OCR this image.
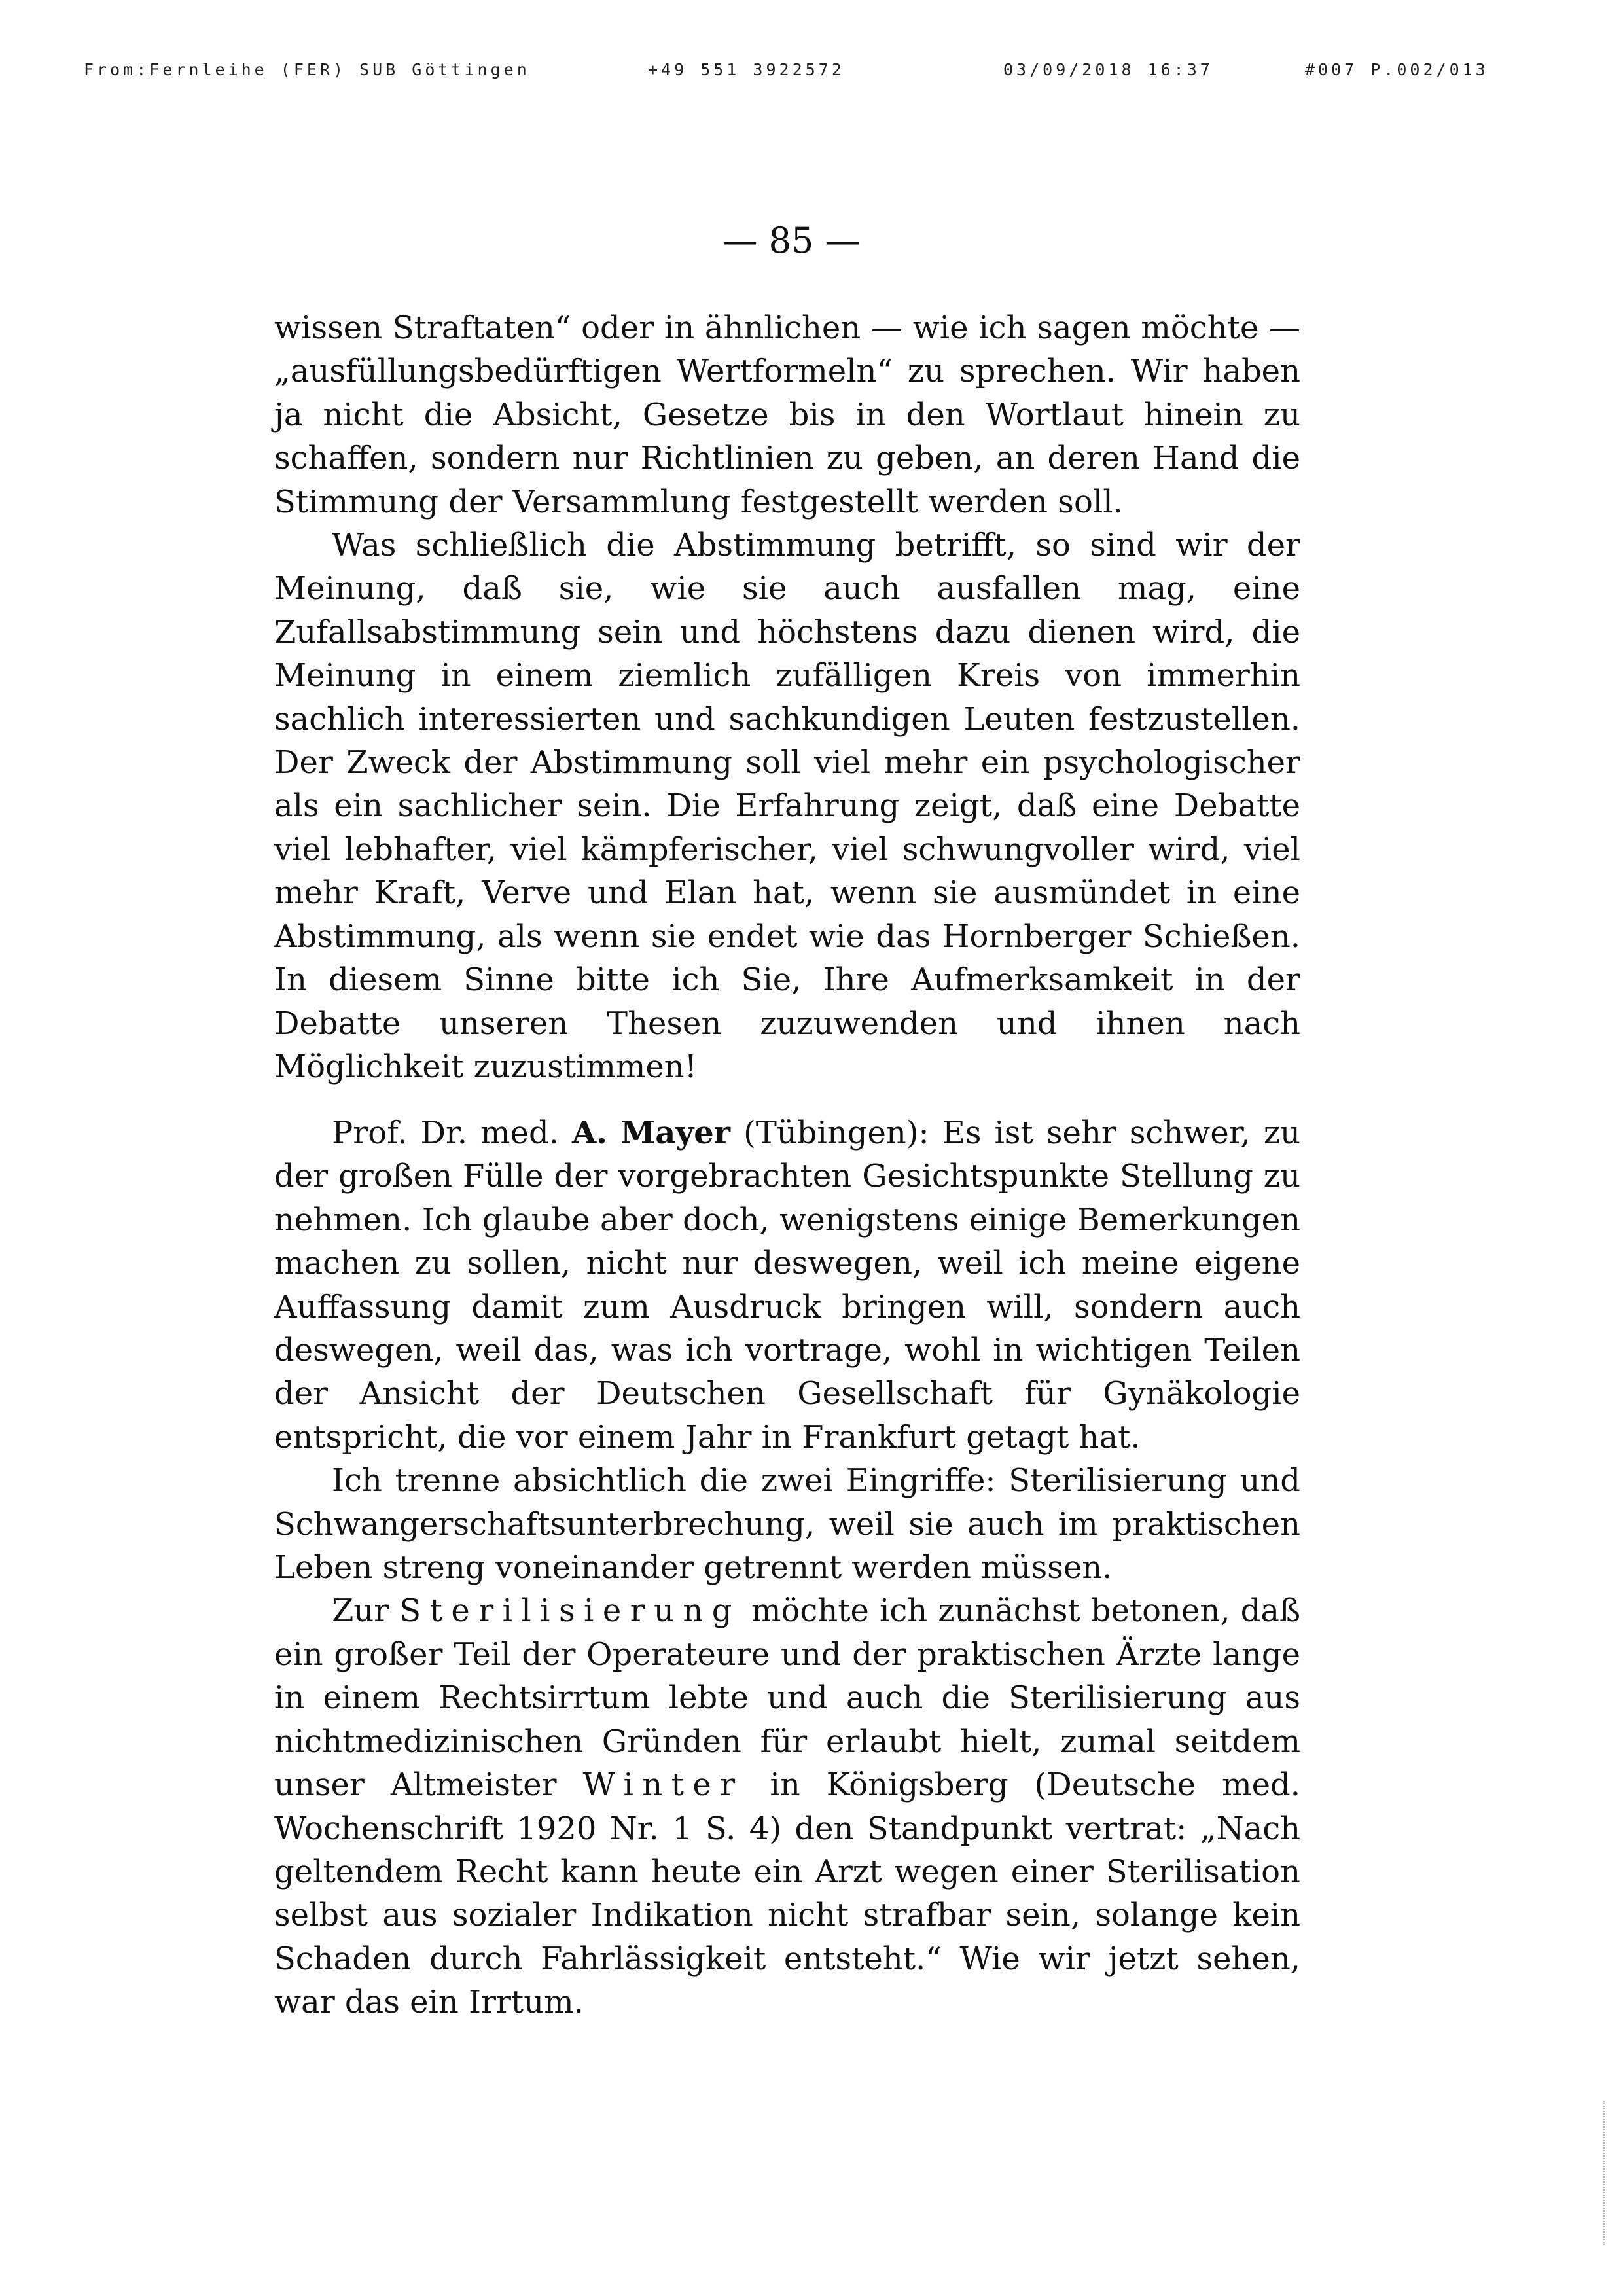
From:Fernleihe (FER) SUB Göttingen	+49 551 3922572	03/09/2018 16:37	#007 P.002/013
— 85 —

wissen Straftaten“ oder in ähnlichen — wie ich sagen möchte — „ausfüllungsbedürftigen Wertformeln“ zu sprechen. Wir haben ja nicht die Absicht, Gesetze bis in den Wortlaut hinein zu schaffen, sondern nur Richtlinien zu geben, an deren Hand die Stimmung der Versammlung festgestellt werden soll.

Was schließlich die Abstimmung betrifft, so sind wir der Meinung, daß sie, wie sie auch ausfallen mag, eine Zufallsabstimmung sein und höchstens dazu dienen wird, die Meinung in einem ziemlich zufälligen Kreis von immerhin sachlich interessierten und sachkundigen Leuten festzustellen. Der Zweck der Abstimmung soll viel mehr ein psychologischer als ein sachlicher sein. Die Erfahrung zeigt, daß eine Debatte viel lebhafter, viel kämpferischer, viel schwungvoller wird, viel mehr Kraft, Verve und Elan hat, wenn sie ausmündet in eine Abstimmung, als wenn sie endet wie das Hornberger Schießen. In diesem Sinne bitte ich Sie, Ihre Aufmerksamkeit in der Debatte unseren Thesen zuzuwenden und ihnen nach Möglichkeit zuzustimmen!

Prof. Dr. med. A. Mayer (Tübingen): Es ist sehr schwer, zu der großen Fülle der vorgebrachten Gesichtspunkte Stellung zu nehmen. Ich glaube aber doch, wenigstens einige Bemerkungen machen zu sollen, nicht nur deswegen, weil ich meine eigene Auffassung damit zum Ausdruck bringen will, sondern auch deswegen, weil das, was ich vortrage, wohl in wichtigen Teilen der Ansicht der Deutschen Gesellschaft für Gynäkologie entspricht, die vor einem Jahr in Frankfurt getagt hat.

Ich trenne absichtlich die zwei Eingriffe: Sterilisierung und Schwangerschaftsunterbrechung, weil sie auch im praktischen Leben streng voneinander getrennt werden müssen.

Zur Sterilisierung möchte ich zunächst betonen, daß ein großer Teil der Operateure und der praktischen Ärzte lange in einem Rechtsirrtum lebte und auch die Sterilisierung aus nichtmedizinischen Gründen für erlaubt hielt, zumal seitdem unser Altmeister Winter in Königsberg (Deutsche med. Wochenschrift 1920 Nr. 1 S. 4) den Standpunkt vertrat: „Nach geltendem Recht kann heute ein Arzt wegen einer Sterilisation selbst aus sozialer Indikation nicht strafbar sein, solange kein Schaden durch Fahrlässigkeit entsteht.“ Wie wir jetzt sehen, war das ein Irrtum.
